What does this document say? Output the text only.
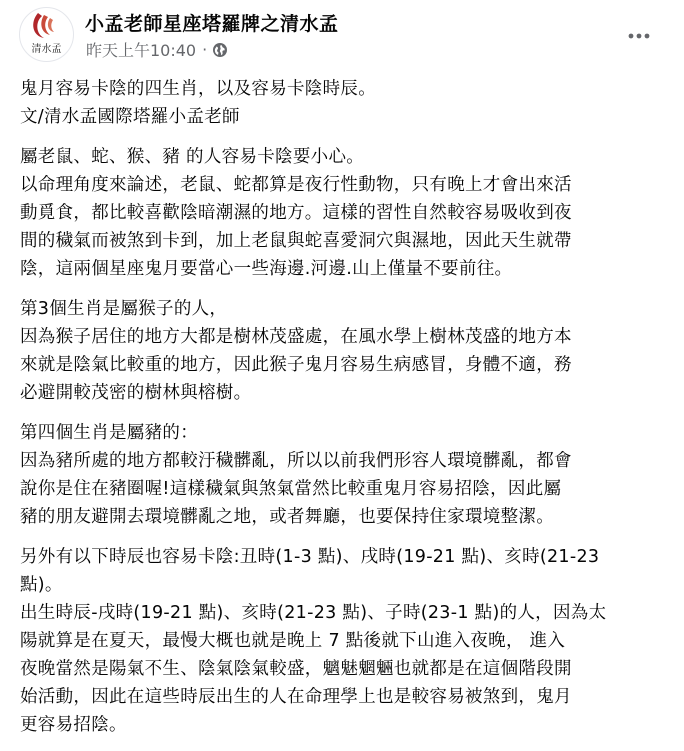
清水孟
小孟老師星座塔羅牌之清水孟
昨天上午10:40 ·

鬼月容易卡陰的四生肖，以及容易卡陰時辰。
文/清水孟國際塔羅小孟老師

屬老鼠、蛇、猴、豬 的人容易卡陰要小心。
以命理角度來論述，老鼠、蛇都算是夜行性動物，只有晚上才會出來活
動覓食，都比較喜歡陰暗潮濕的地方。這樣的習性自然較容易吸收到夜
間的穢氣而被煞到卡到，加上老鼠與蛇喜愛洞穴與濕地，因此天生就帶
陰，這兩個星座鬼月要當心一些海邊.河邊.山上僅量不要前往。

第3個生肖是屬猴子的人，
因為猴子居住的地方大都是樹林茂盛處，在風水學上樹林茂盛的地方本
來就是陰氣比較重的地方，因此猴子鬼月容易生病感冒，身體不適，務
必避開較茂密的樹林與榕樹。

第四個生肖是屬豬的：
因為豬所處的地方都較汙穢髒亂，所以以前我們形容人環境髒亂，都會
說你是住在豬圈喔!這樣穢氣與煞氣當然比較重鬼月容易招陰，因此屬
豬的朋友避開去環境髒亂之地，或者舞廳，也要保持住家環境整潔。

另外有以下時辰也容易卡陰:丑時(1-3 點)、戌時(19-21 點)、亥時(21-23
點)。
出生時辰-戌時(19-21 點)、亥時(21-23 點)、子時(23-1 點)的人，因為太
陽就算是在夏天，最慢大概也就是晚上 7 點後就下山進入夜晚， 進入
夜晚當然是陽氣不生、陰氣陰氣較盛，魑魅魍魎也就都是在這個階段開
始活動，因此在這些時辰出生的人在命理學上也是較容易被煞到，鬼月
更容易招陰。
